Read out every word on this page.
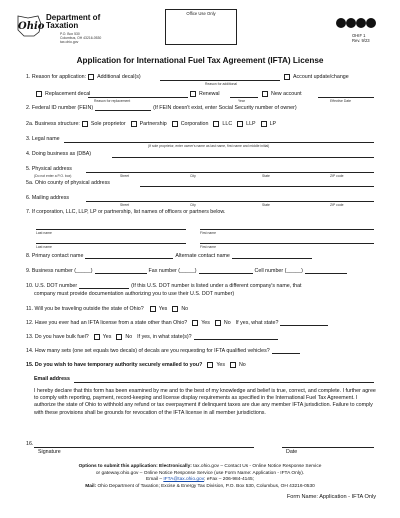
Ohio
Department of
Taxation
P.O. Box 530
Columbus, OH 43216-0530
tax.ohio.gov
Office Use Only
OHIF 1
Rev. 9/23
Application for International Fuel Tax Agreement (IFTA) License
1. Reason for application: Additional decal(s)
Reason for additional
Account update/change
Replacement decal
Reason for replacement
Renewal
Year
New account
Effective Date
2. Federal ID number (FEIN)	(If FEIN doesn't exist, enter Social Security number of owner)
2a. Business structure: Sole proprietor	Partnership	Corporation	LLC	LLP	LP
3. Legal name
(If sole proprietor, enter owner's name as last name, first name and middle initial)
4. Doing business as (DBA)
5. Physical address
(Do not enter a P.O. box)	Street	City	State	ZIP code
5a. Ohio county of physical address
6. Mailing address
Street	City	State	ZIP code
7. If corporation, LLC, LLP, LP or partnership, list names of officers or partners below.
Last name	First name
Last name	First name
8. Primary contact name	Alternate contact name
9. Business number (_____)	Fax number (_____)	Cell number (_____)
10. U.S. DOT number	(If this U.S. DOT number is listed under a different company's name, that
company must provide documentation authorizing you to use their U.S. DOT number)
11. Will you be traveling outside the state of Ohio?	Yes	No
12. Have you ever had an IFTA license from a state other than Ohio?	Yes	No If yes, what state?
13. Do you have bulk fuel?	Yes	No If yes, in what state(s)?
14. How many sets (one set equals two decals) of decals are you requesting for IFTA qualified vehicles?
15. Do you wish to have temporary authority securely emailed to you?	Yes	No
Email address
I hereby declare that this form has been examined by me and to the best of my knowledge and belief is true, correct, and complete. I further agree to comply with reporting, payment, record-keeping and license display requirements as specified in the International Fuel Tax Agreement. I authorize the state of Ohio to withhold any refund or tax overpayment if delinquent taxes are due any member IFTA jurisdiction. Failure to comply with these provisions shall be grounds for revocation of the IFTA license in all member jurisdictions.
16.
Signature	Date
Options to submit this application: Electronically: tax.ohio.gov – Contact Us - Online Notice Response Service
or gateway.ohio.gov – Online Notice Response Service (use Form Name: Application - IFTA Only).
Email – IFTA@tax.ohio.gov; eFax – 206-984-4145;
Mail: Ohio Department of Taxation; Excise & Energy Tax Division, P.O. Box 530, Columbus, OH 43216-0530
Form Name: Application - IFTA Only
